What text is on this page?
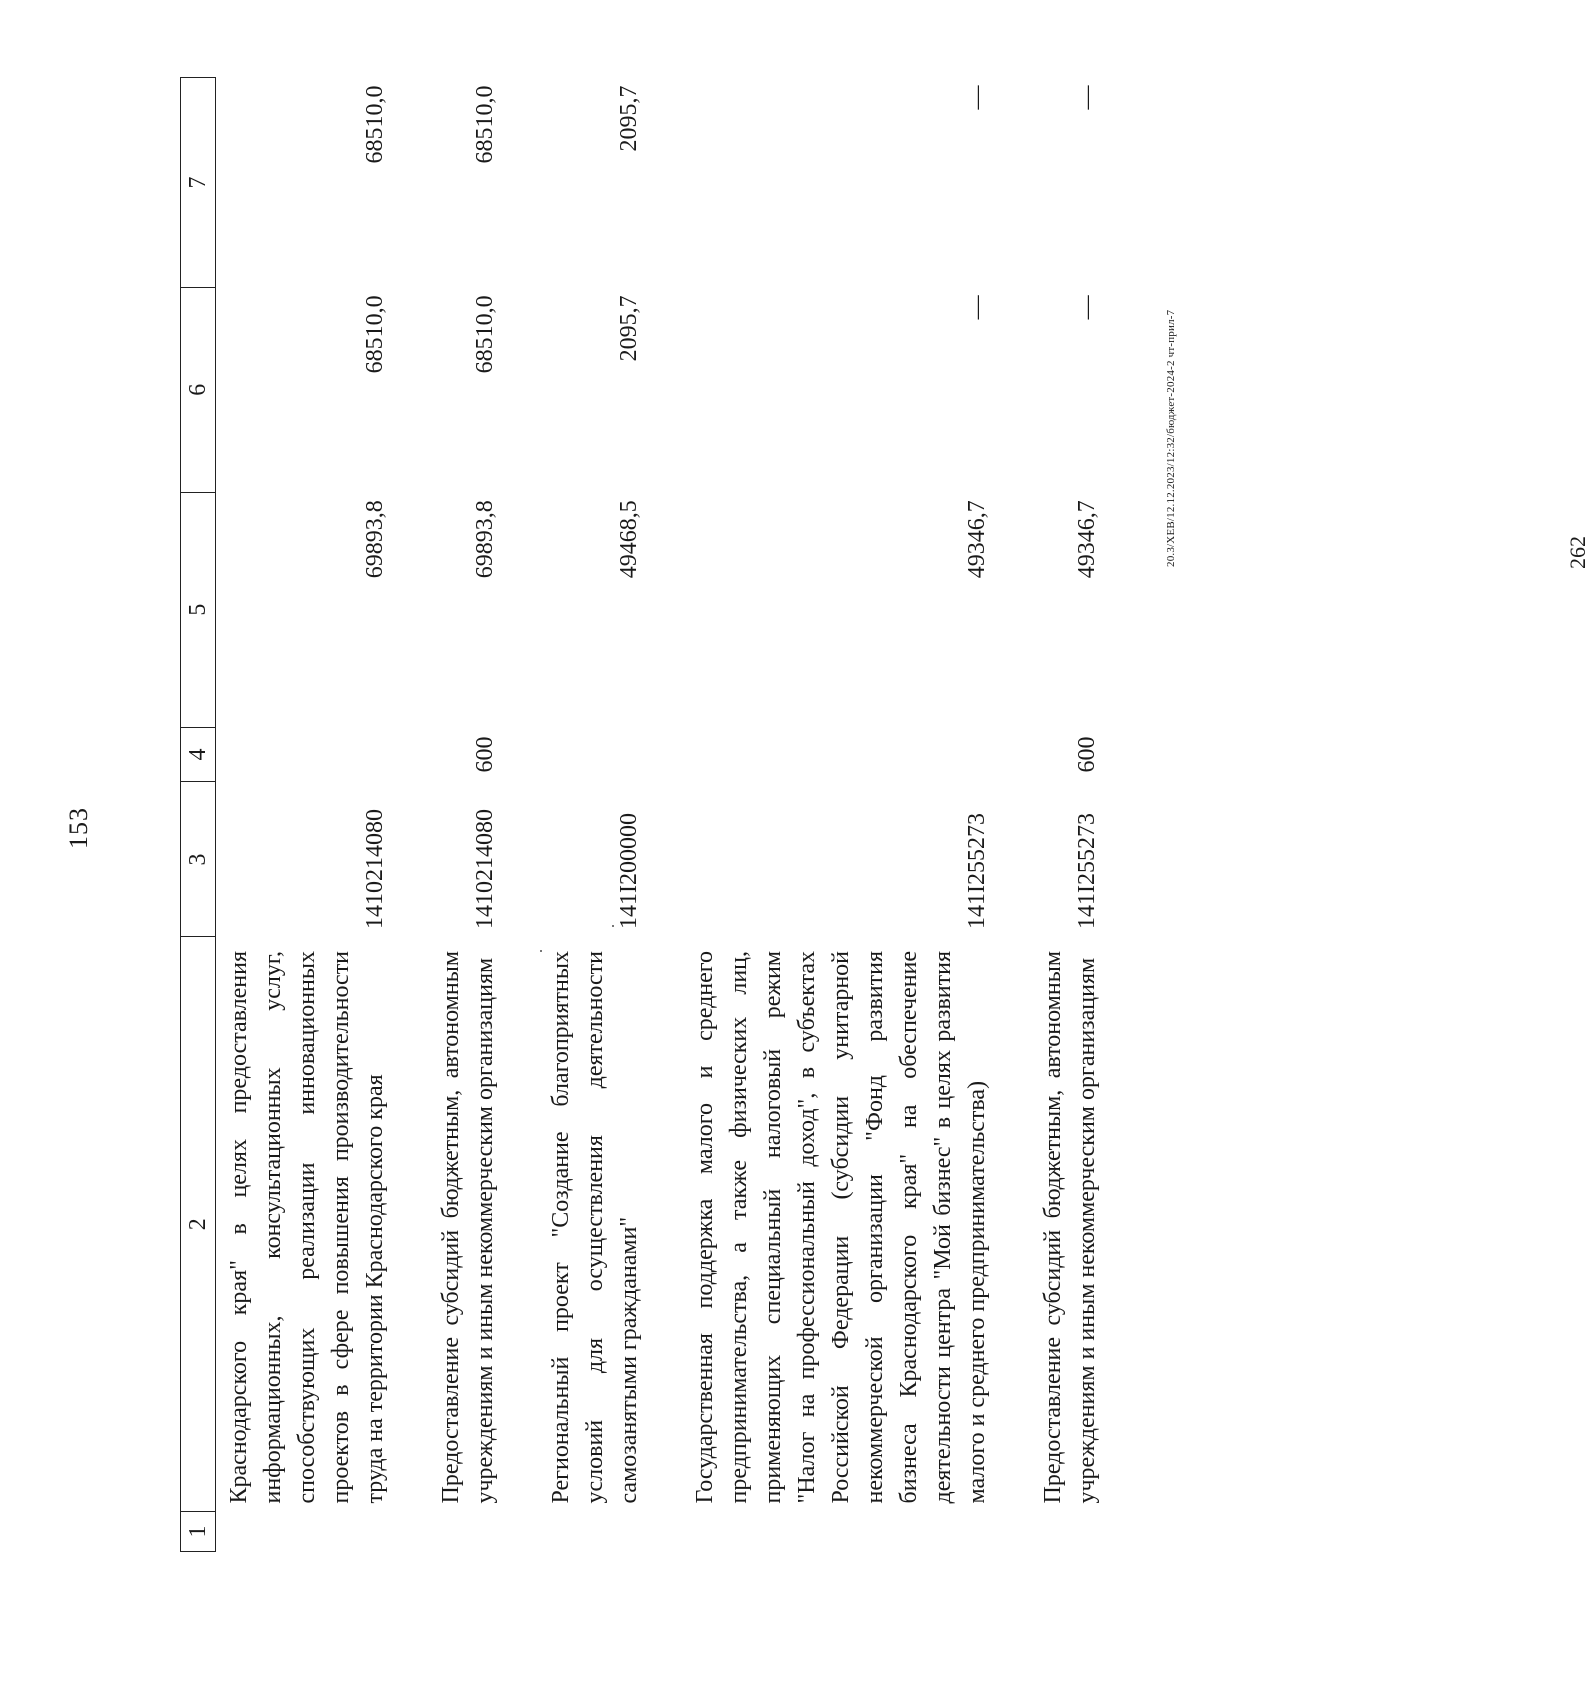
153
1	2	3	4	5	6	7
	Краснодарского края" в целях предоставления информационных, консультационных услуг, способствующих реализации инновационных проектов в сфере повышения производительности труда на территории Краснодарского края	1410214080		69893,8	68510,0	68510,0

	Предоставление субсидий бюджетным, автономным учреждениям и иным некоммерческим организациям	1410214080	600	69893,8	68510,0	68510,0

	Региональный проект "Создание благоприятных условий для осуществления деятельности самозанятыми гражданами"	141I200000		49468,5	2095,7	2095,7

	Государственная поддержка малого и среднего предпринимательства, а также физических лиц, применяющих специальный налоговый режим "Налог на профессиональный доход", в субъектах Российской Федерации (субсидии унитарной некоммерческой организации "Фонд развития бизнеса Краснодарского края" на обеспечение деятельности центра "Мой бизнес" в целях развития малого и среднего предпринимательства)	141I255273		49346,7	—	—

	Предоставление субсидий бюджетным, автономным учреждениям и иным некоммерческим организациям	141I255273	600	49346,7	—	—
20.3/ХЕВ/12.12.2023/12:32/бюджет-2024-2 чт-прил-7	262
